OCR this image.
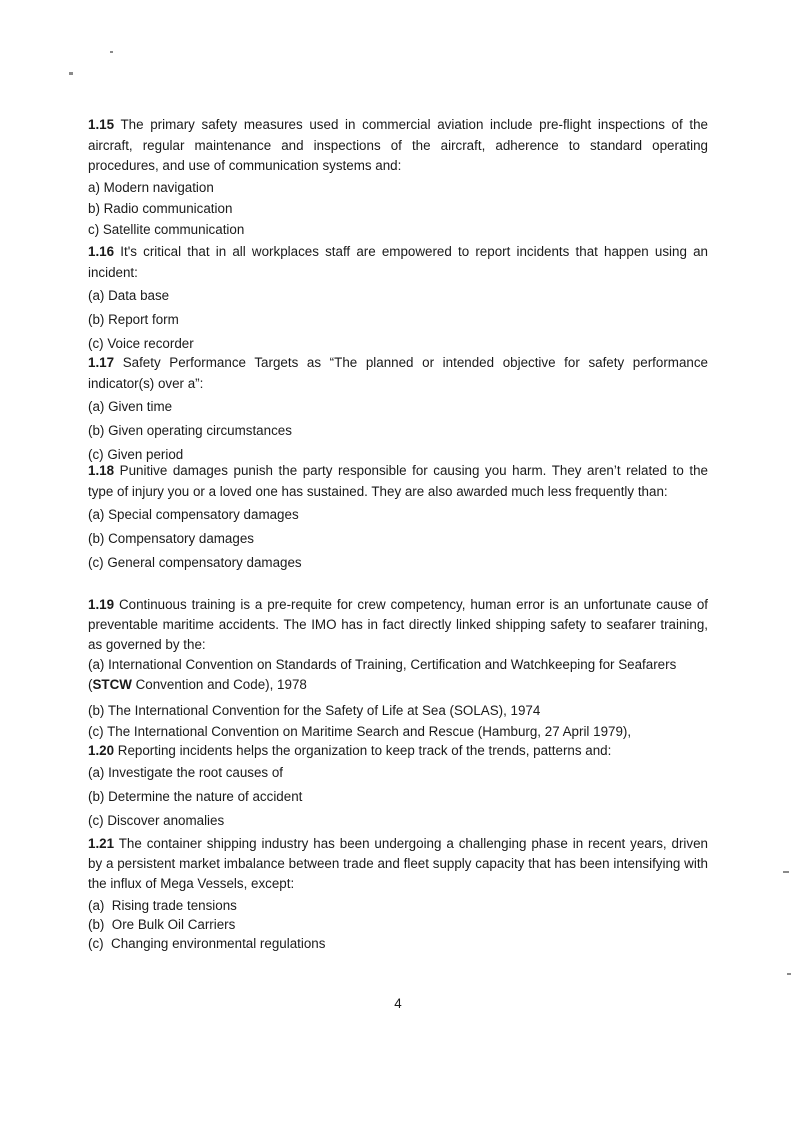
1.15 The primary safety measures used in commercial aviation include pre-flight inspections of the aircraft, regular maintenance and inspections of the aircraft, adherence to standard operating procedures, and use of communication systems and:

a) Modern navigation
b) Radio communication
c) Satellite communication

1.16 It's critical that in all workplaces staff are empowered to report incidents that happen using an incident:

(a) Data base
(b) Report form
(c) Voice recorder

1.17 Safety Performance Targets as “The planned or intended objective for safety performance indicator(s) over a”:

(a) Given time
(b) Given operating circumstances
(c) Given period

1.18 Punitive damages punish the party responsible for causing you harm. They aren’t related to the type of injury you or a loved one has sustained. They are also awarded much less frequently than:

(a) Special compensatory damages
(b) Compensatory damages
(c) General compensatory damages

1.19 Continuous training is a pre-requite for crew competency, human error is an unfortunate cause of preventable maritime accidents. The IMO has in fact directly linked shipping safety to seafarer training, as governed by the:

(a) International Convention on Standards of Training, Certification and Watchkeeping for Seafarers (STCW Convention and Code), 1978
(b) The International Convention for the Safety of Life at Sea (SOLAS), 1974
(c) The International Convention on Maritime Search and Rescue (Hamburg, 27 April 1979),

1.20 Reporting incidents helps the organization to keep track of the trends, patterns and:

(a) Investigate the root causes of
(b) Determine the nature of accident
(c) Discover anomalies

1.21 The container shipping industry has been undergoing a challenging phase in recent years, driven by a persistent market imbalance between trade and fleet supply capacity that has been intensifying with the influx of Mega Vessels, except:

(a)  Rising trade tensions
(b)  Ore Bulk Oil Carriers
(c)  Changing environmental regulations
4
